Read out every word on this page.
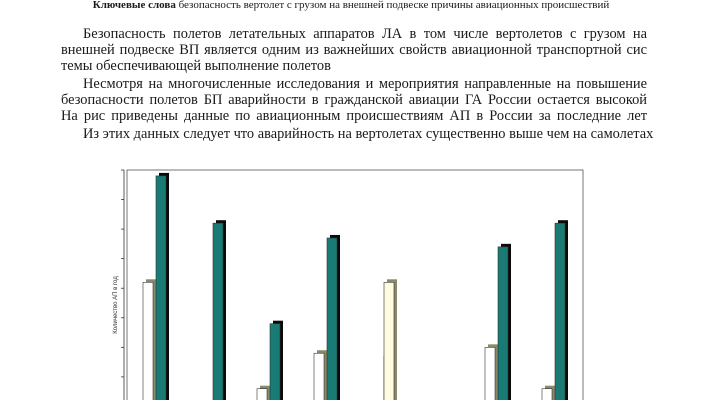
Ключевые слова безопасность вертолет с грузом на внешней подвеске причины авиационных происшествий
Безопасность полетов летательных аппаратов ЛА в том числе вертолетов с грузом на
внешней подвеске ВП является одним из важнейших свойств авиационной транспортной сис
темы обеспечивающей выполнение полетов
Несмотря на многочисленные исследования и мероприятия направленные на повышение
безопасности полетов БП аварийности в гражданской авиации ГА России остается высокой
На рис приведены данные по авиационным происшествиям АП в России за последние лет
Из этих данных следует что аварийность на вертолетах существенно выше чем на самолетах
Количество АП в год
